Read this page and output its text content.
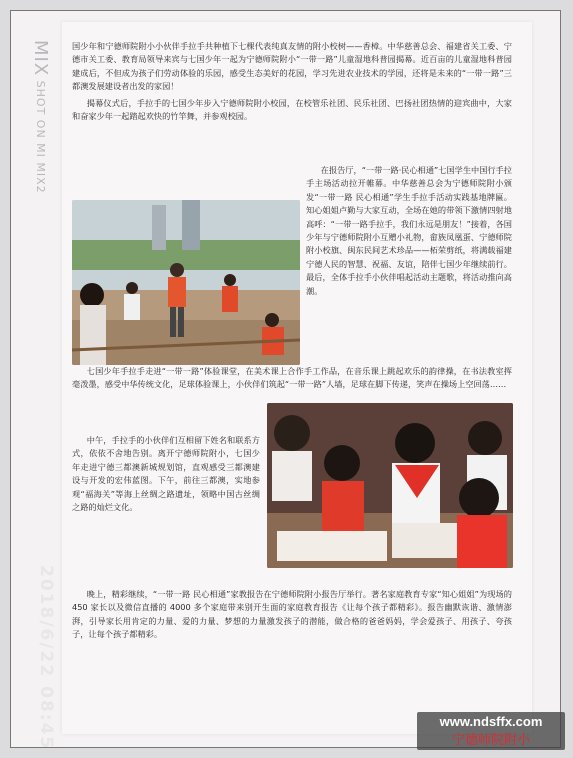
MIX SHOT ON MI MIX2

国少年和宁德师院附小小伙伴手拉手共种植下七棵代表纯真友情的附小校树——香樟。中华慈善总会、福建省关工委、宁德市关工委、教育局领导来宾与七国少年一起为宁德师院附小“一带一路”儿童湿地科普园揭幕。近百亩的儿童湿地科普园建成后，不但成为孩子们劳动体验的乐园，感受生态美好的花园，学习先进农业技术的学园，还将是未来的“一带一路”三都澳发展建设者出发的家园！

揭幕仪式后，手拉手的七国少年步入宁德师院附小校园，在校管乐社团、民乐社团、巴扬社团热情的迎宾曲中，大家和奋家少年一起踏起欢快的竹竿舞，并参观校园。

在报告厅，“一带一路·民心相通”七国学生中国行手拉手主场活动拉开帷幕。中华慈善总会为宁德师院附小颁发“一带一路 民心相通”学生手拉手活动实践基地牌匾。知心姐姐卢勤与大家互动，全场在她的带领下激情四射地高呼：“一带一路手拉手，我们永远是朋友！”接着，各国少年与宁德师院附小互赠小礼物，畲族凤凰蛋、宁德师院附小校旗、闽东民间艺术珍品——柘荣剪纸，将满载福建宁德人民的智慧、祝福、友谊，陪伴七国少年继续前行。最后，全体手拉手小伙伴唱起活动主题歌，将活动推向高潮。

七国少年手拉手走进“一带一路”体验课堂，在美术课上合作手工作品，在音乐课上跳起欢乐的韵律操，在书法教室挥毫泼墨，感受中华传统文化，足球体验课上，小伙伴们筑起“一带一路”人墙，足球在脚下传递，笑声在操场上空回荡……

中午，手拉手的小伙伴们互相留下姓名和联系方式，依依不舍地告别。离开宁德师院附小，七国少年走进宁德三都澳新城规划馆，直观感受三都澳建设与开发的宏伟蓝图。下午，前往三都澳，实地参观“福海关”等海上丝绸之路遗址，领略中国古丝绸之路的灿烂文化。

晚上，精彩继续，“一带一路 民心相通”家教报告在宁德师院附小报告厅举行。著名家庭教育专家“知心姐姐”为现场的 450 家长以及微信直播的 4000 多个家庭带来别开生面的家庭教育报告《让每个孩子都精彩》。报告幽默诙谐、激情澎湃，引导家长用肯定的力量、爱的力量、梦想的力量激发孩子的潜能，做合格的爸爸妈妈，学会爱孩子、用孩子、夸孩子，让每个孩子都精彩。

2018/6/22 08:45	www.ndsffx.com
宁德师院附小
